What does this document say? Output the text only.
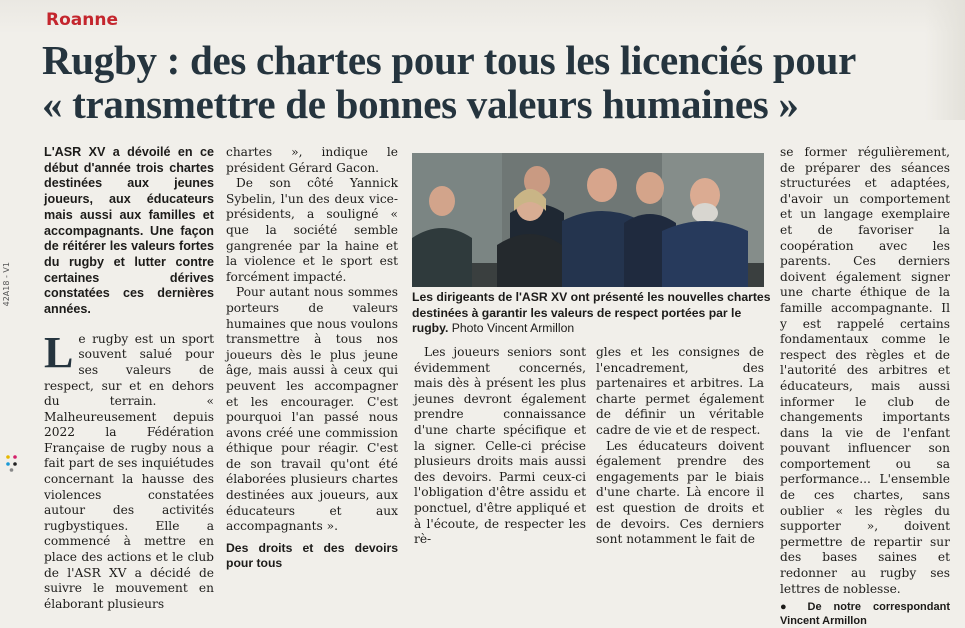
Roanne
Rugby : des chartes pour tous les licenciés pour
« transmettre de bonnes valeurs humaines »
42A18 - V1

L'ASR XV a dévoilé en ce début d'année trois chartes destinées aux jeunes joueurs, aux éducateurs mais aussi aux familles et accompagnants. Une façon de réitérer les valeurs fortes du rugby et lutter contre certaines dérives constatées ces dernières années.

Le rugby est un sport souvent salué pour ses valeurs de respect, sur et en dehors du terrain. « Malheureusement depuis 2022 la Fédération Française de rugby nous a fait part de ses inquiétudes concernant la hausse des violences constatées autour des activités rugbystiques. Elle a commencé à mettre en place des actions et le club de l'ASR XV a décidé de suivre le mouvement en élaborant plusieurs

chartes », indique le président Gérard Gacon.

De son côté Yannick Sybelin, l'un des deux vice-présidents, a souligné « que la société semble gangrenée par la haine et la violence et le sport est forcément impacté.

Pour autant nous sommes porteurs de valeurs humaines que nous voulons transmettre à tous nos joueurs dès le plus jeune âge, mais aussi à ceux qui peuvent les accompagner et les encourager. C'est pourquoi l'an passé nous avons créé une commission éthique pour réagir. C'est de son travail qu'ont été élaborées plusieurs chartes destinées aux joueurs, aux éducateurs et aux accompagnants ».

Des droits et des devoirs pour tous

Les dirigeants de l'ASR XV ont présenté les nouvelles chartes destinées à garantir les valeurs de respect portées par le rugby. Photo Vincent Armillon

Les joueurs seniors sont évidemment concernés, mais dès à présent les plus jeunes devront également prendre connaissance d'une charte spécifique et la signer. Celle-ci précise plusieurs droits mais aussi des devoirs. Parmi ceux-ci l'obligation d'être assidu et ponctuel, d'être appliqué et à l'écoute, de respecter les rè-

gles et les consignes de l'encadrement, des partenaires et arbitres. La charte permet également de définir un véritable cadre de vie et de respect.

Les éducateurs doivent également prendre des engagements par le biais d'une charte. Là encore il est question de droits et de devoirs. Ces derniers sont notamment le fait de

se former régulièrement, de préparer des séances structurées et adaptées, d'avoir un comportement et un langage exemplaire et de favoriser la coopération avec les parents. Ces derniers doivent également signer une charte éthique de la famille accompagnante. Il y est rappelé certains fondamentaux comme le respect des règles et de l'autorité des arbitres et éducateurs, mais aussi informer le club de changements importants dans la vie de l'enfant pouvant influencer son comportement ou sa performance... L'ensemble de ces chartes, sans oublier « les règles du supporter », doivent permettre de repartir sur des bases saines et redonner au rugby ses lettres de noblesse.

● De notre correspondant Vincent Armillon
